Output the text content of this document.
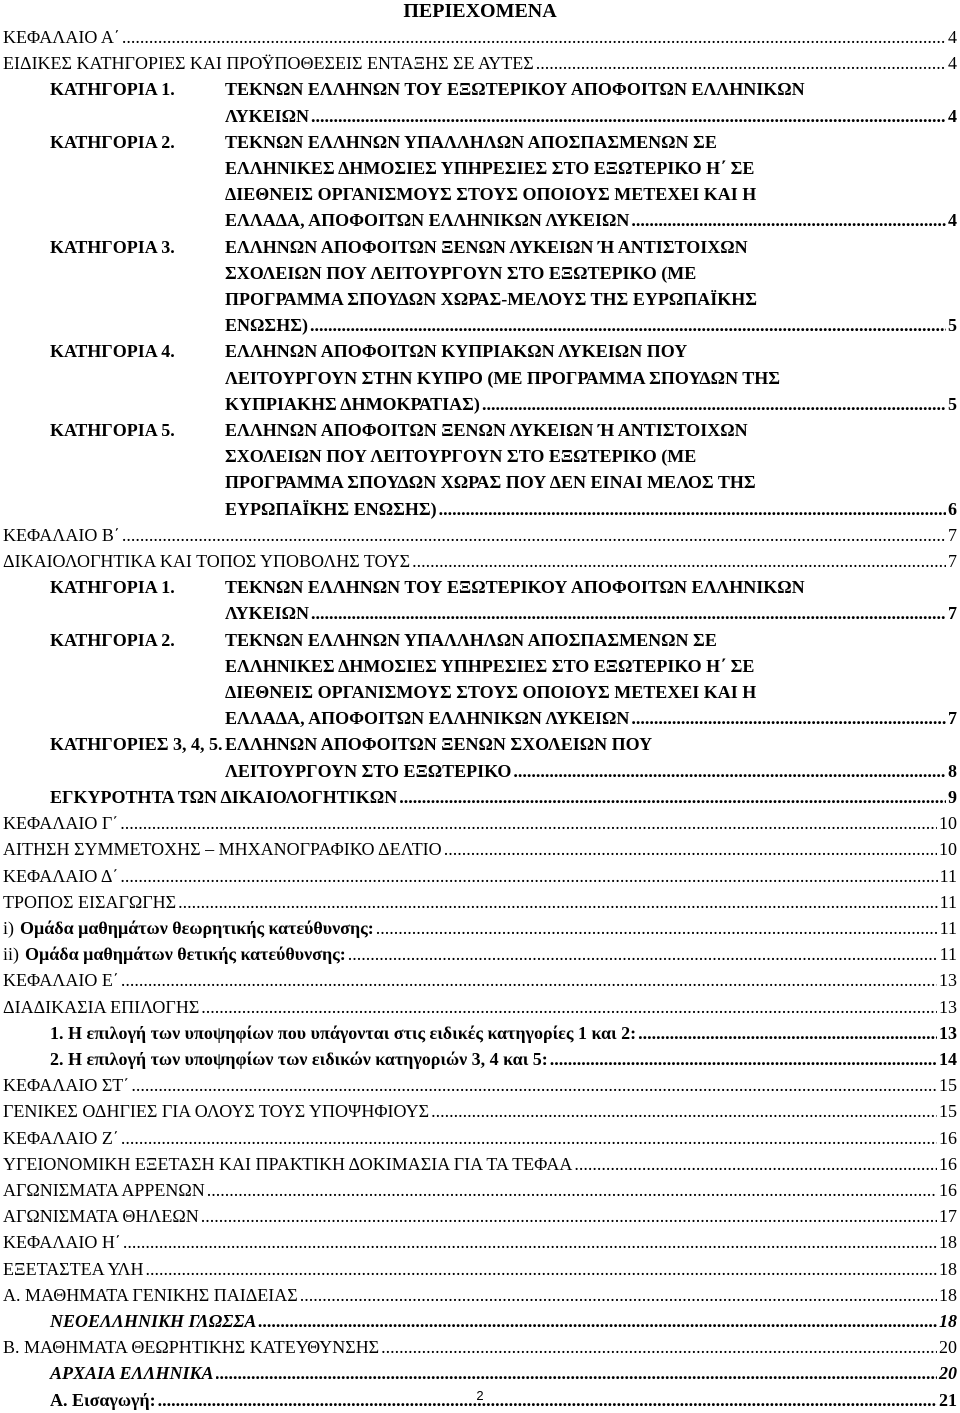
ΠΕΡΙΕΧΟΜΕΝΑ
ΚΕΦΑΛΑΙΟ Α΄ .....	4
ΕΙΔΙΚΕΣ ΚΑΤΗΓΟΡΙΕΣ ΚΑΙ ΠΡΟΫΠΟΘΕΣΕΙΣ ΕΝΤΑΞΗΣ ΣΕ ΑΥΤΕΣ .....	4
ΚΑΤΗΓΟΡΙΑ 1.	ΤΕΚΝΩΝ ΕΛΛΗΝΩΝ ΤΟΥ ΕΞΩΤΕΡΙΚΟΥ ΑΠΟΦΟΙΤΩΝ ΕΛΛΗΝΙΚΩΝ
ΛΥΚΕΙΩΝ .....	4
ΚΑΤΗΓΟΡΙΑ 2.	ΤΕΚΝΩΝ ΕΛΛΗΝΩΝ ΥΠΑΛΛΗΛΩΝ ΑΠΟΣΠΑΣΜΕΝΩΝ ΣΕ
ΕΛΛΗΝΙΚΕΣ ΔΗΜΟΣΙΕΣ ΥΠΗΡΕΣΙΕΣ ΣΤΟ ΕΞΩΤΕΡΙΚΟ Η΄ ΣΕ
ΔΙΕΘΝΕΙΣ ΟΡΓΑΝΙΣΜΟΥΣ ΣΤΟΥΣ ΟΠΟΙΟΥΣ ΜΕΤΕΧΕΙ ΚΑΙ Η
ΕΛΛΑΔΑ, ΑΠΟΦΟΙΤΩΝ ΕΛΛΗΝΙΚΩΝ ΛΥΚΕΙΩΝ .....	4
ΚΑΤΗΓΟΡΙΑ 3.	ΕΛΛΗΝΩΝ ΑΠΟΦΟΙΤΩΝ ΞΕΝΩΝ ΛΥΚΕΙΩΝ Ή ΑΝΤΙΣΤΟΙΧΩΝ
ΣΧΟΛΕΙΩΝ ΠΟΥ ΛΕΙΤΟΥΡΓΟΥΝ ΣΤΟ ΕΞΩΤΕΡΙΚΟ (ΜΕ
ΠΡΟΓΡΑΜΜΑ ΣΠΟΥΔΩΝ ΧΩΡΑΣ-ΜΕΛΟΥΣ ΤΗΣ ΕΥΡΩΠΑΪΚΗΣ
ΕΝΩΣΗΣ) .....	5
ΚΑΤΗΓΟΡΙΑ 4.	ΕΛΛΗΝΩΝ ΑΠΟΦΟΙΤΩΝ ΚΥΠΡΙΑΚΩΝ ΛΥΚΕΙΩΝ ΠΟΥ
ΛΕΙΤΟΥΡΓΟΥΝ ΣΤΗΝ ΚΥΠΡΟ (ΜΕ ΠΡΟΓΡΑΜΜΑ ΣΠΟΥΔΩΝ ΤΗΣ
ΚΥΠΡΙΑΚΗΣ ΔΗΜΟΚΡΑΤΙΑΣ) .....	5
ΚΑΤΗΓΟΡΙΑ 5.	ΕΛΛΗΝΩΝ ΑΠΟΦΟΙΤΩΝ ΞΕΝΩΝ ΛΥΚΕΙΩΝ Ή ΑΝΤΙΣΤΟΙΧΩΝ
ΣΧΟΛΕΙΩΝ ΠΟΥ ΛΕΙΤΟΥΡΓΟΥΝ ΣΤΟ ΕΞΩΤΕΡΙΚΟ (ΜΕ
ΠΡΟΓΡΑΜΜΑ ΣΠΟΥΔΩΝ ΧΩΡΑΣ ΠΟΥ ΔΕΝ ΕΙΝΑΙ ΜΕΛΟΣ ΤΗΣ
ΕΥΡΩΠΑΪΚΗΣ ΕΝΩΣΗΣ) .....	6
ΚΕΦΑΛΑΙΟ Β΄ .....	7
ΔΙΚΑΙΟΛΟΓΗΤΙΚΑ ΚΑΙ ΤΟΠΟΣ ΥΠΟΒΟΛΗΣ ΤΟΥΣ .....	7
ΚΑΤΗΓΟΡΙΑ 1.	ΤΕΚΝΩΝ ΕΛΛΗΝΩΝ ΤΟΥ ΕΞΩΤΕΡΙΚΟΥ ΑΠΟΦΟΙΤΩΝ ΕΛΛΗΝΙΚΩΝ
ΛΥΚΕΙΩΝ .....	7
ΚΑΤΗΓΟΡΙΑ 2.	ΤΕΚΝΩΝ ΕΛΛΗΝΩΝ ΥΠΑΛΛΗΛΩΝ ΑΠΟΣΠΑΣΜΕΝΩΝ ΣΕ
ΕΛΛΗΝΙΚΕΣ ΔΗΜΟΣΙΕΣ ΥΠΗΡΕΣΙΕΣ ΣΤΟ ΕΞΩΤΕΡΙΚΟ Η΄ ΣΕ
ΔΙΕΘΝΕΙΣ ΟΡΓΑΝΙΣΜΟΥΣ ΣΤΟΥΣ ΟΠΟΙΟΥΣ ΜΕΤΕΧΕΙ ΚΑΙ Η
ΕΛΛΑΔΑ, ΑΠΟΦΟΙΤΩΝ ΕΛΛΗΝΙΚΩΝ ΛΥΚΕΙΩΝ .....	7
ΚΑΤΗΓΟΡΙΕΣ 3, 4, 5. ΕΛΛΗΝΩΝ ΑΠΟΦΟΙΤΩΝ ΞΕΝΩΝ ΣΧΟΛΕΙΩΝ ΠΟΥ
ΛΕΙΤΟΥΡΓΟΥΝ ΣΤΟ ΕΞΩΤΕΡΙΚΟ .....	8
ΕΓΚΥΡΟΤΗΤΑ ΤΩΝ ΔΙΚΑΙΟΛΟΓΗΤΙΚΩΝ .....	9
ΚΕΦΑΛΑΙΟ Γ΄ .....	10
ΑΙΤΗΣΗ ΣΥΜΜΕΤΟΧΗΣ – ΜΗΧΑΝΟΓΡΑΦΙΚΟ ΔΕΛΤΙΟ .....	10
ΚΕΦΑΛΑΙΟ Δ΄ .....	11
ΤΡΟΠΟΣ ΕΙΣΑΓΩΓΗΣ .....	11
i) Ομάδα μαθημάτων θεωρητικής κατεύθυνσης: .....	11
ii) Ομάδα μαθημάτων θετικής κατεύθυνσης: .....	11
ΚΕΦΑΛΑΙΟ Ε΄ .....	13
ΔΙΑΔΙΚΑΣΙΑ ΕΠΙΛΟΓΗΣ .....	13
1. Η επιλογή των υποψηφίων που υπάγονται στις ειδικές κατηγορίες 1 και 2: .....	13
2. Η επιλογή των υποψηφίων των ειδικών κατηγοριών 3, 4 και 5: .....	14
ΚΕΦΑΛΑΙΟ ΣΤ΄ .....	15
ΓΕΝΙΚΕΣ ΟΔΗΓΙΕΣ ΓΙΑ ΟΛΟΥΣ ΤΟΥΣ ΥΠΟΨΗΦΙΟΥΣ .....	15
ΚΕΦΑΛΑΙΟ Ζ΄ .....	16
ΥΓΕΙΟΝΟΜΙΚΗ ΕΞΕΤΑΣΗ ΚΑΙ ΠΡΑΚΤΙΚΗ ΔΟΚΙΜΑΣΙΑ ΓΙΑ ΤΑ ΤΕΦΑΑ .....	16
ΑΓΩΝΙΣΜΑΤΑ ΑΡΡΕΝΩΝ .....	16
ΑΓΩΝΙΣΜΑΤΑ ΘΗΛΕΩΝ .....	17
ΚΕΦΑΛΑΙΟ Η΄ .....	18
ΕΞΕΤΑΣΤΕΑ ΥΛΗ .....	18
Α. ΜΑΘΗΜΑΤΑ ΓΕΝΙΚΗΣ ΠΑΙΔΕΙΑΣ .....	18
ΝΕΟΕΛΛΗΝΙΚΗ ΓΛΩΣΣΑ .....	18
Β. ΜΑΘΗΜΑΤΑ ΘΕΩΡΗΤΙΚΗΣ ΚΑΤΕΥΘΥΝΣΗΣ .....	20
ΑΡΧΑΙΑ ΕΛΛΗΝΙΚΑ .....	20
Α. Εισαγωγή: .....	21
2
